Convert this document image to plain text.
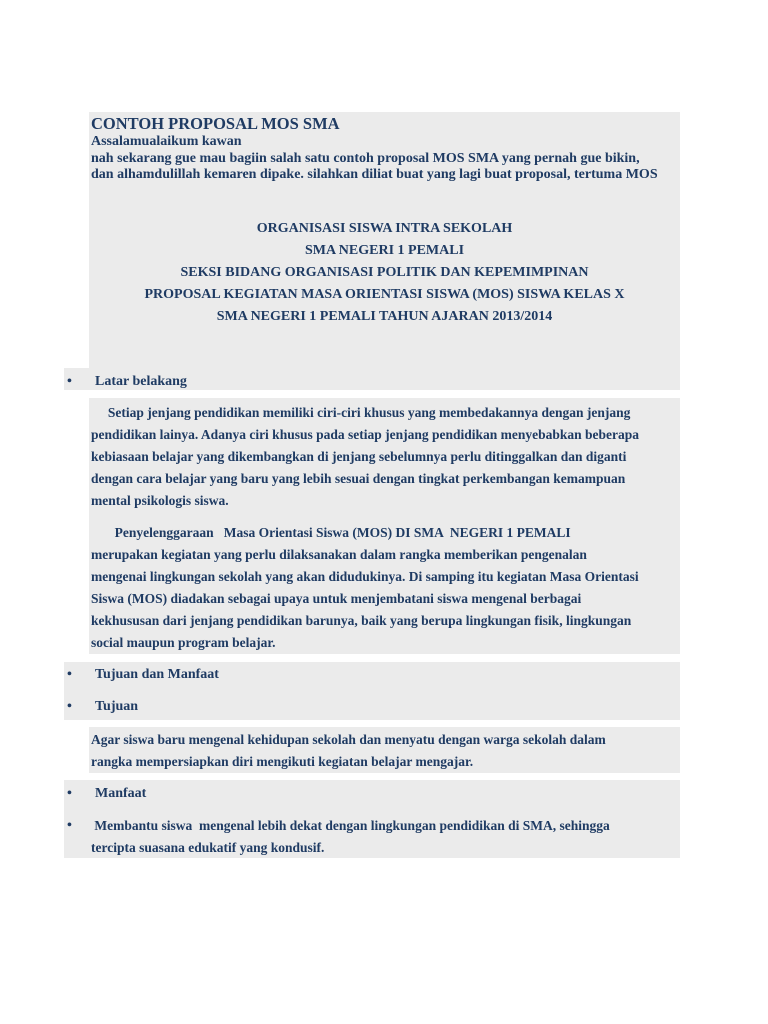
CONTOH PROPOSAL MOS SMA
Assalamualaikum kawan
nah sekarang gue mau bagiin salah satu contoh proposal MOS SMA yang pernah gue bikin,
dan alhamdulillah kemaren dipake. silahkan diliat buat yang lagi buat proposal, tertuma MOS
ORGANISASI SISWA INTRA SEKOLAH
SMA NEGERI 1 PEMALI
SEKSI BIDANG ORGANISASI POLITIK DAN KEPEMIMPINAN
PROPOSAL KEGIATAN MASA ORIENTASI SISWA (MOS) SISWA KELAS X
SMA NEGERI 1 PEMALI TAHUN AJARAN 2013/2014
• Latar belakang
Setiap jenjang pendidikan memiliki ciri-ciri khusus yang membedakannya dengan jenjang
pendidikan lainya. Adanya ciri khusus pada setiap jenjang pendidikan menyebabkan beberapa
kebiasaan belajar yang dikembangkan di jenjang sebelumnya perlu ditinggalkan dan diganti
dengan cara belajar yang baru yang lebih sesuai dengan tingkat perkembangan kemampuan
mental psikologis siswa.
Penyelenggaraan   Masa Orientasi Siswa (MOS) DI SMA  NEGERI 1 PEMALI
merupakan kegiatan yang perlu dilaksanakan dalam rangka memberikan pengenalan
mengenai lingkungan sekolah yang akan didudukinya. Di samping itu kegiatan Masa Orientasi
Siswa (MOS) diadakan sebagai upaya untuk menjembatani siswa mengenal berbagai
kekhususan dari jenjang pendidikan barunya, baik yang berupa lingkungan fisik, lingkungan
social maupun program belajar.
• Tujuan dan Manfaat
• Tujuan
Agar siswa baru mengenal kehidupan sekolah dan menyatu dengan warga sekolah dalam
rangka mempersiapkan diri mengikuti kegiatan belajar mengajar.
• Manfaat
• Membantu siswa  mengenal lebih dekat dengan lingkungan pendidikan di SMA, sehingga
tercipta suasana edukatif yang kondusif.
